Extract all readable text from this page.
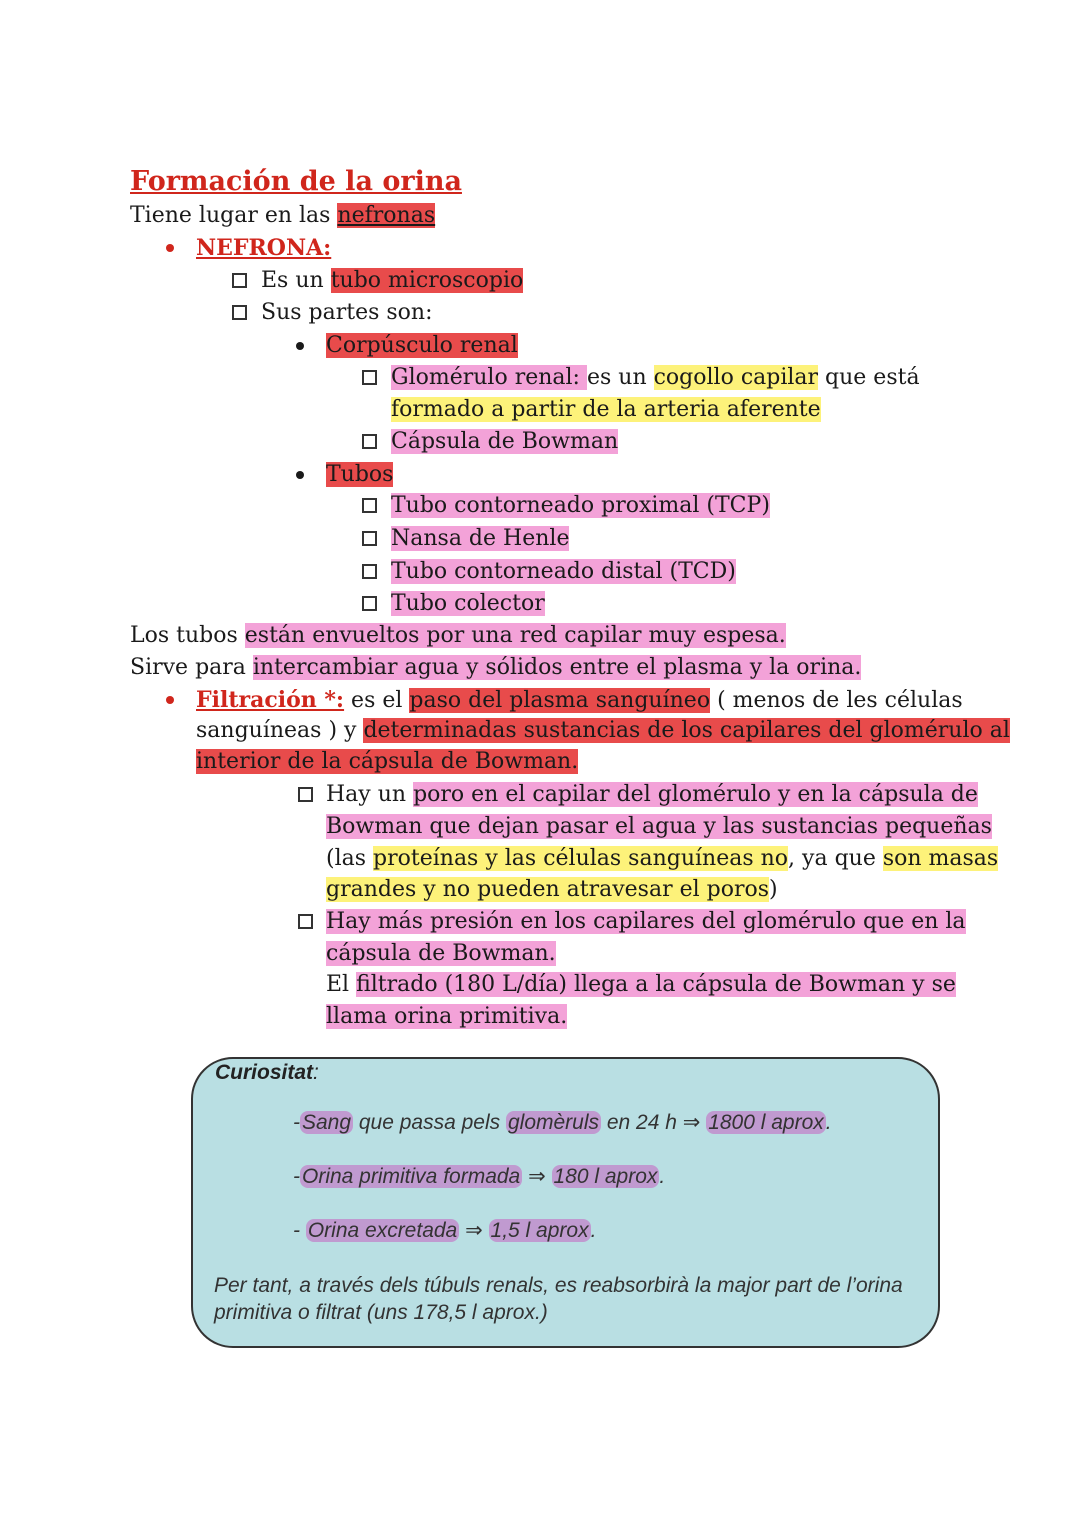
Formación de la orina
Tiene lugar en las nefronas
NEFRONA:
Es un tubo microscopio
Sus partes son:
Corpúsculo renal
Glomérulo renal: es un cogollo capilar que está
formado a partir de la arteria aferente
Cápsula de Bowman
Tubos
Tubo contorneado proximal (TCP)
Nansa de Henle
Tubo contorneado distal (TCD)
Tubo colector
Los tubos están envueltos por una red capilar muy espesa.
Sirve para intercambiar agua y sólidos entre el plasma y la orina.
Filtración *: es el paso del plasma sanguíneo ( menos de les células
sanguíneas ) y determinadas sustancias de los capilares del glomérulo al
interior de la cápsula de Bowman.
Hay un poro en el capilar del glomérulo y en la cápsula de
Bowman que dejan pasar el agua y las sustancias pequeñas
(las proteínas y las células sanguíneas no, ya que son masas
grandes y no pueden atravesar el poros)
Hay más presión en los capilares del glomérulo que en la
cápsula de Bowman.
El filtrado (180 L/día) llega a la cápsula de Bowman y se
llama orina primitiva.
Curiositat:
-Sang que passa pels glomèruls en 24 h ⇒ 1800 l aprox.
-Orina primitiva formada ⇒ 180 l aprox.
- Orina excretada ⇒ 1,5 l aprox.
Per tant, a través dels túbuls renals, es reabsorbirà la major part de l’orina
primitiva o filtrat (uns 178,5 l aprox.)
